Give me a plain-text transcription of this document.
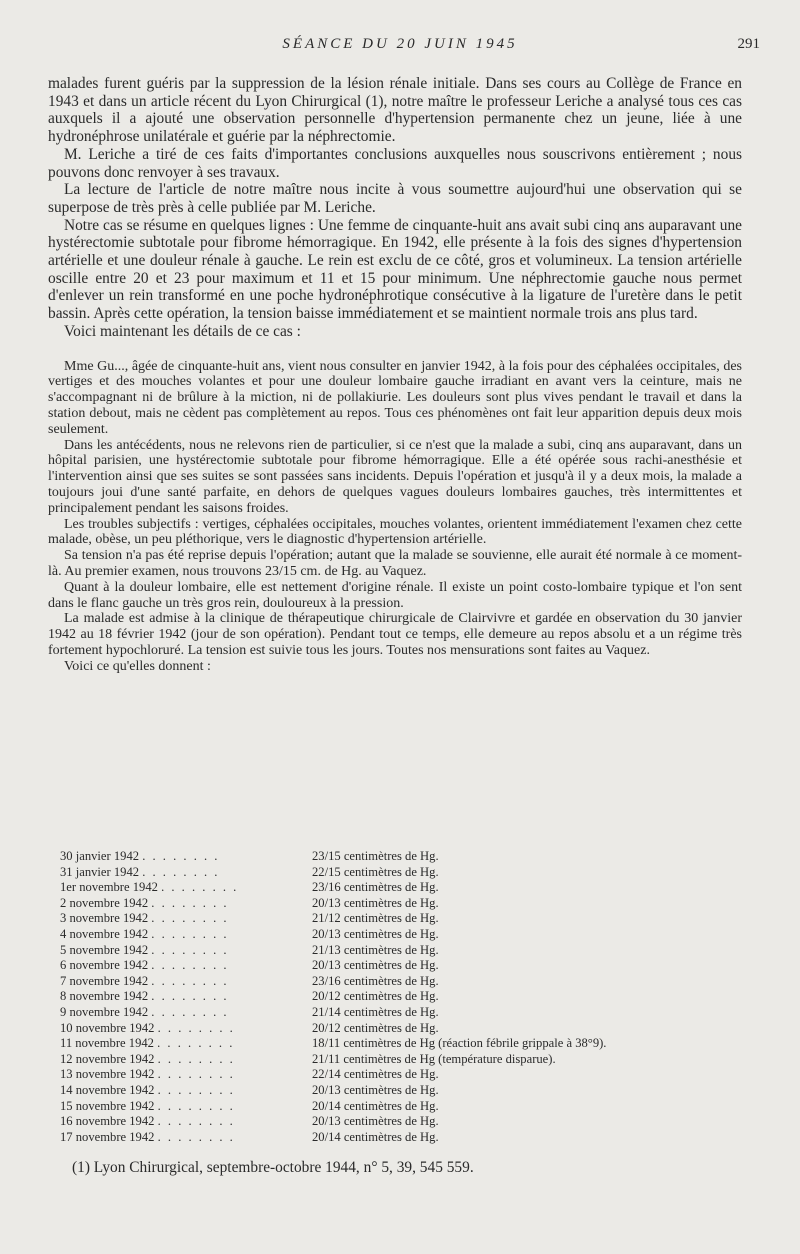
SÉANCE DU 20 JUIN 1945	291

malades furent guéris par la suppression de la lésion rénale initiale. Dans ses cours au Collège de France en 1943 et dans un article récent du Lyon Chirurgical (1), notre maître le professeur Leriche a analysé tous ces cas auxquels il a ajouté une observation personnelle d'hypertension permanente chez un jeune, liée à une hydronéphrose unilatérale et guérie par la néphrectomie.

M. Leriche a tiré de ces faits d'importantes conclusions auxquelles nous souscrivons entièrement ; nous pouvons donc renvoyer à ses travaux.

La lecture de l'article de notre maître nous incite à vous soumettre aujourd'hui une observation qui se superpose de très près à celle publiée par M. Leriche.

Notre cas se résume en quelques lignes : Une femme de cinquante-huit ans avait subi cinq ans auparavant une hystérectomie subtotale pour fibrome hémorragique. En 1942, elle présente à la fois des signes d'hypertension artérielle et une douleur rénale à gauche. Le rein est exclu de ce côté, gros et volumineux. La tension artérielle oscille entre 20 et 23 pour maximum et 11 et 15 pour minimum. Une néphrectomie gauche nous permet d'enlever un rein transformé en une poche hydronéphrotique consécutive à la ligature de l'uretère dans le petit bassin. Après cette opération, la tension baisse immédiatement et se maintient normale trois ans plus tard.

Voici maintenant les détails de ce cas :

Mme Gu..., âgée de cinquante-huit ans, vient nous consulter en janvier 1942, à la fois pour des céphalées occipitales, des vertiges et des mouches volantes et pour une douleur lombaire gauche irradiant en avant vers la ceinture, mais ne s'accompagnant ni de brûlure à la miction, ni de pollakiurie. Les douleurs sont plus vives pendant le travail et dans la station debout, mais ne cèdent pas complètement au repos. Tous ces phénomènes ont fait leur apparition depuis deux mois seulement.

Dans les antécédents, nous ne relevons rien de particulier, si ce n'est que la malade a subi, cinq ans auparavant, dans un hôpital parisien, une hystérectomie subtotale pour fibrome hémorragique. Elle a été opérée sous rachi-anesthésie et l'intervention ainsi que ses suites se sont passées sans incidents. Depuis l'opération et jusqu'à il y a deux mois, la malade a toujours joui d'une santé parfaite, en dehors de quelques vagues douleurs lombaires gauches, très intermittentes et principalement pendant les saisons froides.

Les troubles subjectifs : vertiges, céphalées occipitales, mouches volantes, orientent immédiatement l'examen chez cette malade, obèse, un peu pléthorique, vers le diagnostic d'hypertension artérielle.

Sa tension n'a pas été reprise depuis l'opération; autant que la malade se souvienne, elle aurait été normale à ce moment-là. Au premier examen, nous trouvons 23/15 cm. de Hg. au Vaquez.

Quant à la douleur lombaire, elle est nettement d'origine rénale. Il existe un point costo-lombaire typique et l'on sent dans le flanc gauche un très gros rein, douloureux à la pression.

La malade est admise à la clinique de thérapeutique chirurgicale de Clairvivre et gardée en observation du 30 janvier 1942 au 18 février 1942 (jour de son opération). Pendant tout ce temps, elle demeure au repos absolu et a un régime très fortement hypochloruré. La tension est suivie tous les jours. Toutes nos mensurations sont faites au Vaquez.

Voici ce qu'elles donnent :

30 janvier 1942 . . . . . . . .	23/15 centimètres de Hg.
31 janvier 1942 . . . . . . . .	22/15 centimètres de Hg.
1er novembre 1942 . . . . . . . .	23/16 centimètres de Hg.
2 novembre 1942 . . . . . . . .	20/13 centimètres de Hg.
3 novembre 1942 . . . . . . . .	21/12 centimètres de Hg.
4 novembre 1942 . . . . . . . .	20/13 centimètres de Hg.
5 novembre 1942 . . . . . . . .	21/13 centimètres de Hg.
6 novembre 1942 . . . . . . . .	20/13 centimètres de Hg.
7 novembre 1942 . . . . . . . .	23/16 centimètres de Hg.
8 novembre 1942 . . . . . . . .	20/12 centimètres de Hg.
9 novembre 1942 . . . . . . . .	21/14 centimètres de Hg.
10 novembre 1942 . . . . . . . .	20/12 centimètres de Hg.
11 novembre 1942 . . . . . . . .	18/11 centimètres de Hg (réaction fébrile grippale à 38°9).
12 novembre 1942 . . . . . . . .	21/11 centimètres de Hg (température disparue).
13 novembre 1942 . . . . . . . .	22/14 centimètres de Hg.
14 novembre 1942 . . . . . . . .	20/13 centimètres de Hg.
15 novembre 1942 . . . . . . . .	20/14 centimètres de Hg.
16 novembre 1942 . . . . . . . .	20/13 centimètres de Hg.
17 novembre 1942 . . . . . . . .	20/14 centimètres de Hg.
(1) Lyon Chirurgical, septembre-octobre 1944, n° 5, 39, 545 559.
